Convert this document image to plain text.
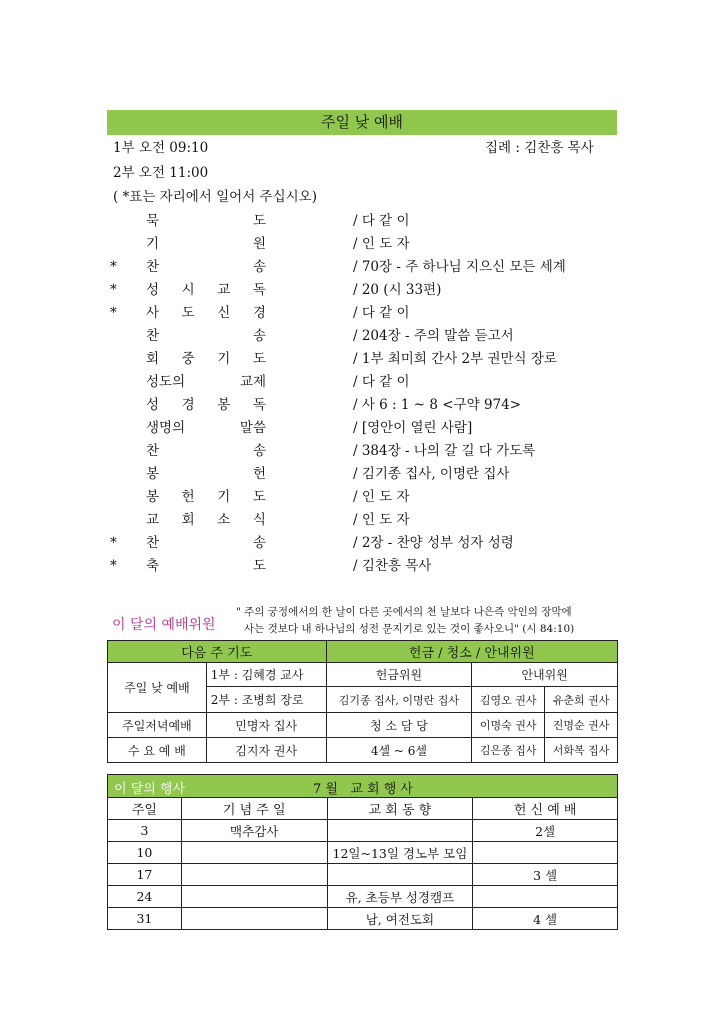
주일 낮 예배
1부 오전 09:10	집례 : 김찬흥 목사
2부 오전 11:00
( *표는 자리에서 일어서 주십시오)
묵	도	/ 다 같 이
기	원	/ 인 도 자
* 찬	송	/ 70장 - 주 하나님 지으신 모든 세계
* 성 시 교 독	/ 20 (시 33편)
* 사 도 신 경	/ 다 같 이
찬	송	/ 204장 - 주의 말씀 듣고서
회 중 기 도	/ 1부 최미희 간사 2부 권만식 장로
성도의	교제	/ 다 같 이
성 경 봉 독	/ 사 6 : 1 ~ 8 <구약 974>
생명의	말씀	/ [영안이 열린 사람]
찬	송	/ 384장 - 나의 갈 길 다 가도록
봉	헌	/ 김기종 집사, 이명란 집사
봉 헌 기 도	/ 인 도 자
교 회 소 식	/ 인 도 자
* 찬	송	/ 2장 - 찬양 성부 성자 성령
* 축	도	/ 김찬흥 목사
이 달의 예배위원
" 주의 궁정에서의 한 날이 다른 곳에서의 천 날보다 나은즉 악인의 장막에
사는 것보다 내 하나님의 성전 문지기로 있는 것이 좋사오니" (시 84:10)
다음 주 기도		헌금 / 청소 / 안내위원		
주일 낮 예배	1부 : 김혜경 교사	헌금위원	안내위원	
	2부 : 조병희 장로	김기종 집사, 이명란 집사	김영오 권사	유춘희 권사
주일저녁예배	민명자 집사	청 소 담 당	이명숙 권사	진명순 권사
수 요 예 배	김지자 권사	4셀 ~ 6셀	김은종 집사	서화복 집사
이 달의 행사 7 월   교 회 행 사			

주일	기 념 주 일	교 회 동 향	헌 신 예 배
3	맥추감사		2셀
10		12일~13일 경노부 모임	
17			3 셀
24		유, 초등부 성경캠프	
31		남, 여전도회	4 셀
